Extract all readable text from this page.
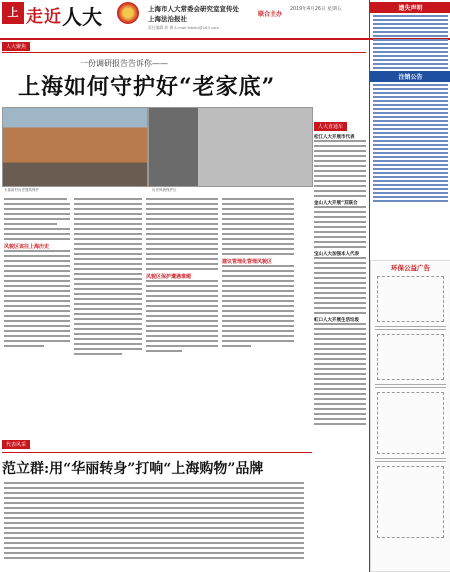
上 走近 人大	上海市人大常委会研究室宣传处
上海法治报社
联合主办
2019年4月26日 星期五
责任编辑 郭 豫 E-mail:fzbsbj@163.com
人大聚焦
一份调研报告告诉你——
上海如何守护好“老家底”
永嘉新村历史建筑保护	历史风貌保护区
风貌区该往上海历史
风貌区保护遭遇难题
建议管理化管理风貌区
人大直通车
松江人大开展市代表
金山人大开展“双联合
宝山人大加强本人代表
虹口人大开展生活垃圾
代表风采
范立群:用“华丽转身”打响“上海购物”品牌
遗失声明
注销公告
环保公益广告
